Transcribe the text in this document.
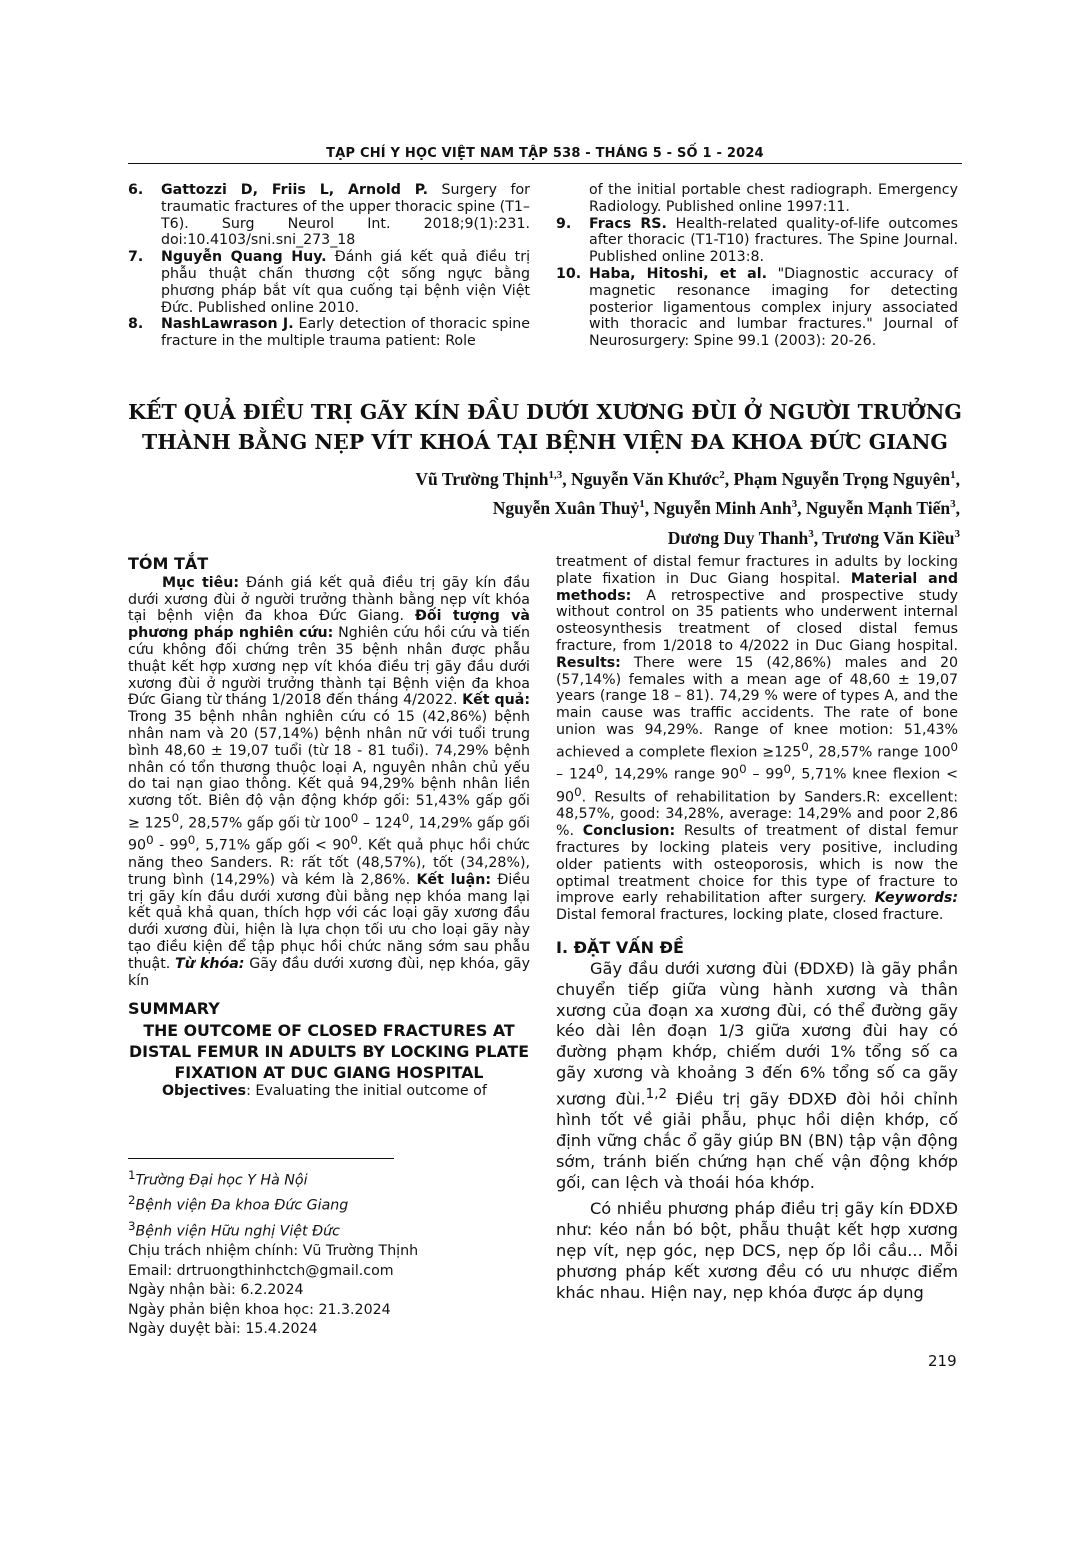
TẠP CHÍ Y HỌC VIỆT NAM TẬP 538 - THÁNG 5 - SỐ 1 - 2024
6.	Gattozzi D, Friis L, Arnold P. Surgery for traumatic fractures of the upper thoracic spine (T1–T6). Surg Neurol Int. 2018;9(1):231. doi:10.4103/sni.sni_273_18
7.	Nguyễn Quang Huy. Đánh giá kết quả điều trị phẫu thuật chấn thương cột sống ngực bằng phương pháp bắt vít qua cuống tại bệnh viện Việt Đức. Published online 2010.
8.	NashLawrason J. Early detection of thoracic spine fracture in the multiple trauma patient: Role
of the initial portable chest radiograph. Emergency Radiology. Published online 1997:11.
9.	Fracs RS. Health-related quality-of-life outcomes after thoracic (T1-T10) fractures. The Spine Journal. Published online 2013:8.
10. Haba, Hitoshi, et al. "Diagnostic accuracy of magnetic resonance imaging for detecting posterior ligamentous complex injury associated with thoracic and lumbar fractures." Journal of Neurosurgery: Spine 99.1 (2003): 20-26.
KẾT QUẢ ĐIỀU TRỊ GÃY KÍN ĐẦU DƯỚI XƯƠNG ĐÙI Ở NGƯỜI TRƯỞNG
THÀNH BẰNG NẸP VÍT KHOÁ TẠI BỆNH VIỆN ĐA KHOA ĐỨC GIANG
Vũ Trường Thịnh$^{1,3}$, Nguyễn Văn Khước$^2$, Phạm Nguyễn Trọng Nguyên$^1$,
Nguyễn Xuân Thuỷ$^1$, Nguyễn Minh Anh$^3$, Nguyễn Mạnh Tiến$^3$,
Dương Duy Thanh$^3$, Trương Văn Kiều$^3$
TÓM TẮT

Mục tiêu: Đánh giá kết quả điều trị gãy kín đầu dưới xương đùi ở người trưởng thành bằng nẹp vít khóa tại bệnh viện đa khoa Đức Giang. Đối tượng và phương pháp nghiên cứu: Nghiên cứu hồi cứu và tiến cứu không đối chứng trên 35 bệnh nhân được phẫu thuật kết hợp xương nẹp vít khóa điều trị gãy đầu dưới xương đùi ở người trưởng thành tại Bệnh viện đa khoa Đức Giang từ tháng 1/2018 đến tháng 4/2022. Kết quả: Trong 35 bệnh nhân nghiên cứu có 15 (42,86%) bệnh nhân nam và 20 (57,14%) bệnh nhân nữ với tuổi trung bình 48,60 ± 19,07 tuổi (từ 18 - 81 tuổi). 74,29% bệnh nhân có tổn thương thuộc loại A, nguyên nhân chủ yếu do tai nạn giao thông. Kết quả 94,29% bệnh nhân liền xương tốt. Biên độ vận động khớp gối: 51,43% gấp gối ≥ $125^0$, 28,57% gấp gối từ $100^0 - 124^0$, 14,29% gấp gối $90^0 - 99^0$, 5,71% gấp gối < $90^0$. Kết quả phục hồi chức năng theo Sanders. R: rất tốt (48,57%), tốt (34,28%), trung bình (14,29%) và kém là 2,86%. Kết luận: Điều trị gãy kín đầu dưới xương đùi bằng nẹp khóa mang lại kết quả khả quan, thích hợp với các loại gãy xương đầu dưới xương đùi, hiện là lựa chọn tối ưu cho loại gãy này tạo điều kiện để tập phục hồi chức năng sớm sau phẫu thuật. Từ khóa: Gãy đầu dưới xương đùi, nẹp khóa, gãy kín

SUMMARY
THE OUTCOME OF CLOSED FRACTURES AT DISTAL FEMUR IN ADULTS BY LOCKING PLATE FIXATION AT DUC GIANG HOSPITAL

Objectives: Evaluating the initial outcome of

$^1$Trường Đại học Y Hà Nội
$^2$Bệnh viện Đa khoa Đức Giang
$^3$Bệnh viện Hữu nghị Việt Đức
Chịu trách nhiệm chính: Vũ Trường Thịnh
Email: drtruongthinhctch@gmail.com
Ngày nhận bài: 6.2.2024
Ngày phản biện khoa học: 21.3.2024
Ngày duyệt bài: 15.4.2024

treatment of distal femur fractures in adults by locking plate fixation in Duc Giang hospital. Material and methods: A retrospective and prospective study without control on 35 patients who underwent internal osteosynthesis treatment of closed distal femus fracture, from 1/2018 to 4/2022 in Duc Giang hospital. Results: There were 15 (42,86%) males and 20 (57,14%) females with a mean age of 48,60 ± 19,07 years (range 18 – 81). 74,29 % were of types A, and the main cause was traffic accidents. The rate of bone union was 94,29%. Range of knee motion: 51,43% achieved a complete flexion $\ge 125^0$, 28,57% range $100^0 - 124^0$, 14,29% range $90^0 - 99^0$, 5,71% knee flexion < $90^0$. Results of rehabilitation by Sanders.R: excellent: 48,57%, good: 34,28%, average: 14,29% and poor 2,86 %. Conclusion: Results of treatment of distal femur fractures by locking plateis very positive, including older patients with osteoporosis, which is now the optimal treatment choice for this type of fracture to improve early rehabilitation after surgery. Keywords: Distal femoral fractures, locking plate, closed fracture.

I. ĐẶT VẤN ĐỀ

Gãy đầu dưới xương đùi (ĐDXĐ) là gãy phần chuyển tiếp giữa vùng hành xương và thân xương của đoạn xa xương đùi, có thể đường gãy kéo dài lên đoạn 1/3 giữa xương đùi hay có đường phạm khớp, chiếm dưới 1% tổng số ca gãy xương và khoảng 3 đến 6% tổng số ca gãy xương đùi.$^{1,2}$ Điều trị gãy ĐDXĐ đòi hỏi chỉnh hình tốt về giải phẫu, phục hồi diện khớp, cố định vững chắc ổ gãy giúp BN (BN) tập vận động sớm, tránh biến chứng hạn chế vận động khớp gối, can lệch và thoái hóa khớp.

Có nhiều phương pháp điều trị gãy kín ĐDXĐ như: kéo nắn bó bột, phẫu thuật kết hợp xương nẹp vít, nẹp góc, nẹp DCS, nẹp ốp lồi cầu... Mỗi phương pháp kết xương đều có ưu nhược điểm khác nhau. Hiện nay, nẹp khóa được áp dụng

219
